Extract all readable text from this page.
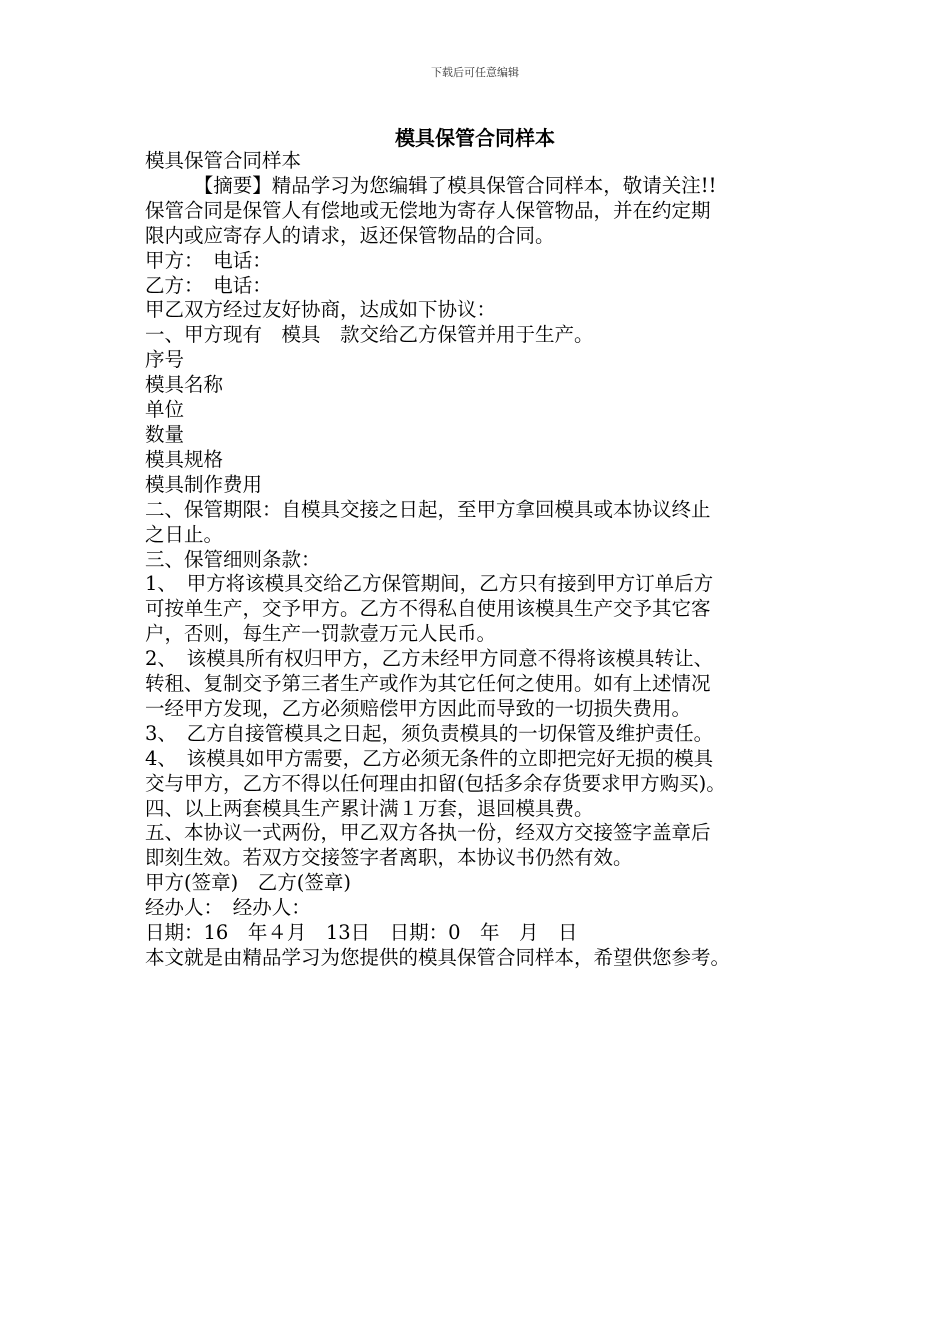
下载后可任意编辑
模具保管合同样本

模具保管合同样本

　　　【摘要】精品学习为您编辑了模具保管合同样本，敬请关注!!

保管合同是保管人有偿地或无偿地为寄存人保管物品，并在约定期

限内或应寄存人的请求，返还保管物品的合同。

甲方：　电话：

乙方：　电话：

甲乙双方经过友好协商，达成如下协议：

一、甲方现有　模具　款交给乙方保管并用于生产。

序号

模具名称

单位

数量

模具规格

模具制作费用

二、保管期限：自模具交接之日起，至甲方拿回模具或本协议终止

之日止。

三、保管细则条款：

1、　甲方将该模具交给乙方保管期间，乙方只有接到甲方订单后方

可按单生产，交予甲方。乙方不得私自使用该模具生产交予其它客

户，否则，每生产一罚款壹万元人民币。

2、　该模具所有权归甲方，乙方未经甲方同意不得将该模具转让、

转租、复制交予第三者生产或作为其它任何之使用。如有上述情况

一经甲方发现，乙方必须赔偿甲方因此而导致的一切损失费用。

3、　乙方自接管模具之日起，须负责模具的一切保管及维护责任。

4、　该模具如甲方需要，乙方必须无条件的立即把完好无损的模具

交与甲方，乙方不得以任何理由扣留(包括多余存货要求甲方购买)。

四、以上两套模具生产累计满１万套，退回模具费。

五、本协议一式两份，甲乙双方各执一份，经双方交接签字盖章后

即刻生效。若双方交接签字者离职，本协议书仍然有效。

甲方(签章)　乙方(签章)

经办人：　经办人：

日期：16　年４月　13日　日期：0　年　月　日

本文就是由精品学习为您提供的模具保管合同样本，希望供您参考。
